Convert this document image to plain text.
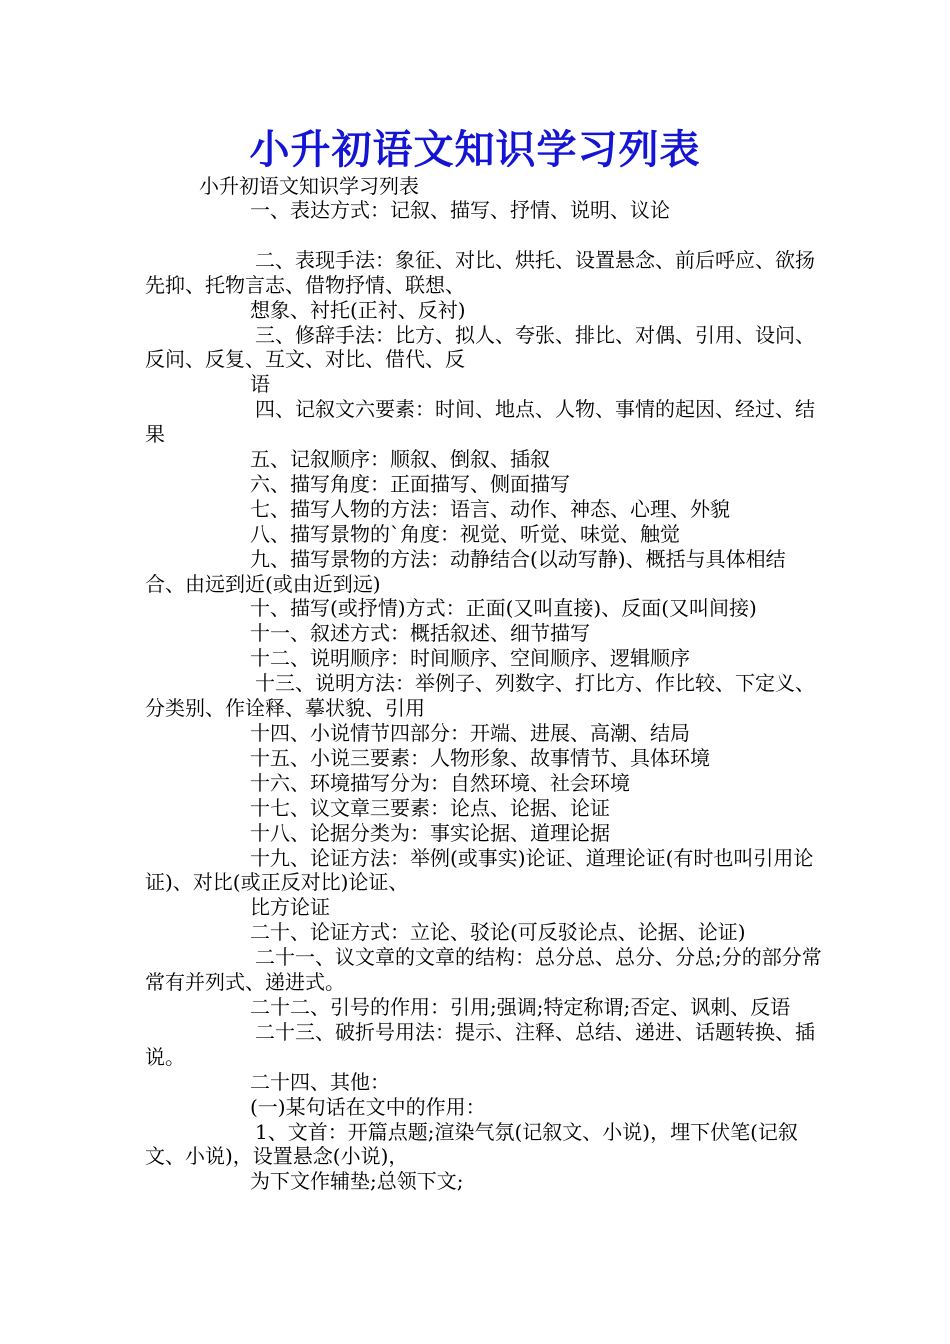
小升初语文知识学习列表
小升初语文知识学习列表

一、表达方式：记叙、描写、抒情、说明、议论

二、表现手法：象征、对比、烘托、设置悬念、前后呼应、欲扬先抑、托物言志、借物抒情、联想、

想象、衬托(正衬、反衬)

三、修辞手法：比方、拟人、夸张、排比、对偶、引用、设问、反问、反复、互文、对比、借代、反

语

四、记叙文六要素：时间、地点、人物、事情的起因、经过、结果

五、记叙顺序：顺叙、倒叙、插叙

六、描写角度：正面描写、侧面描写

七、描写人物的方法：语言、动作、神态、心理、外貌

八、描写景物的`角度：视觉、听觉、味觉、触觉

九、描写景物的方法：动静结合(以动写静)、概括与具体相结合、由远到近(或由近到远)

十、描写(或抒情)方式：正面(又叫直接)、反面(又叫间接)

十一、叙述方式：概括叙述、细节描写

十二、说明顺序：时间顺序、空间顺序、逻辑顺序

十三、说明方法：举例子、列数字、打比方、作比较、下定义、分类别、作诠释、摹状貌、引用

十四、小说情节四部分：开端、进展、高潮、结局

十五、小说三要素：人物形象、故事情节、具体环境

十六、环境描写分为：自然环境、社会环境

十七、议文章三要素：论点、论据、论证

十八、论据分类为：事实论据、道理论据

十九、论证方法：举例(或事实)论证、道理论证(有时也叫引用论证)、对比(或正反对比)论证、

比方论证

二十、论证方式：立论、驳论(可反驳论点、论据、论证)

二十一、议文章的文章的结构：总分总、总分、分总;分的部分常常有并列式、递进式。

二十二、引号的作用：引用;强调;特定称谓;否定、讽刺、反语

二十三、破折号用法：提示、注释、总结、递进、话题转换、插说。

二十四、其他：

(一)某句话在文中的作用：

1、文首：开篇点题;渲染气氛(记叙文、小说)，埋下伏笔(记叙文、小说)，设置悬念(小说)，

为下文作辅垫;总领下文;
